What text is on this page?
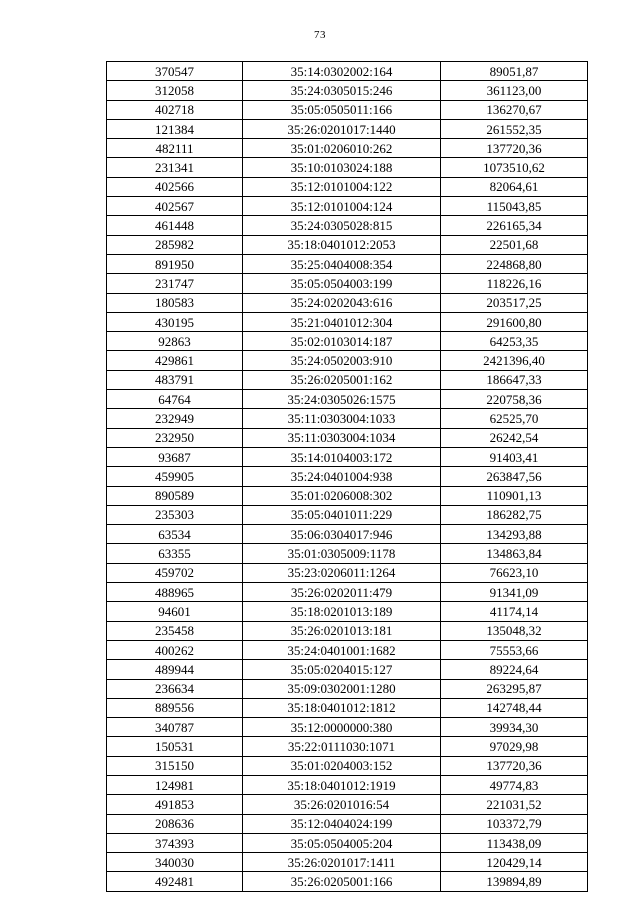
73
370547	35:14:0302002:164	89051,87
312058	35:24:0305015:246	361123,00
402718	35:05:0505011:166	136270,67
121384	35:26:0201017:1440	261552,35
482111	35:01:0206010:262	137720,36
231341	35:10:0103024:188	1073510,62
402566	35:12:0101004:122	82064,61
402567	35:12:0101004:124	115043,85
461448	35:24:0305028:815	226165,34
285982	35:18:0401012:2053	22501,68
891950	35:25:0404008:354	224868,80
231747	35:05:0504003:199	118226,16
180583	35:24:0202043:616	203517,25
430195	35:21:0401012:304	291600,80
92863	35:02:0103014:187	64253,35
429861	35:24:0502003:910	2421396,40
483791	35:26:0205001:162	186647,33
64764	35:24:0305026:1575	220758,36
232949	35:11:0303004:1033	62525,70
232950	35:11:0303004:1034	26242,54
93687	35:14:0104003:172	91403,41
459905	35:24:0401004:938	263847,56
890589	35:01:0206008:302	110901,13
235303	35:05:0401011:229	186282,75
63534	35:06:0304017:946	134293,88
63355	35:01:0305009:1178	134863,84
459702	35:23:0206011:1264	76623,10
488965	35:26:0202011:479	91341,09
94601	35:18:0201013:189	41174,14
235458	35:26:0201013:181	135048,32
400262	35:24:0401001:1682	75553,66
489944	35:05:0204015:127	89224,64
236634	35:09:0302001:1280	263295,87
889556	35:18:0401012:1812	142748,44
340787	35:12:0000000:380	39934,30
150531	35:22:0111030:1071	97029,98
315150	35:01:0204003:152	137720,36
124981	35:18:0401012:1919	49774,83
491853	35:26:0201016:54	221031,52
208636	35:12:0404024:199	103372,79
374393	35:05:0504005:204	113438,09
340030	35:26:0201017:1411	120429,14
492481	35:26:0205001:166	139894,89
